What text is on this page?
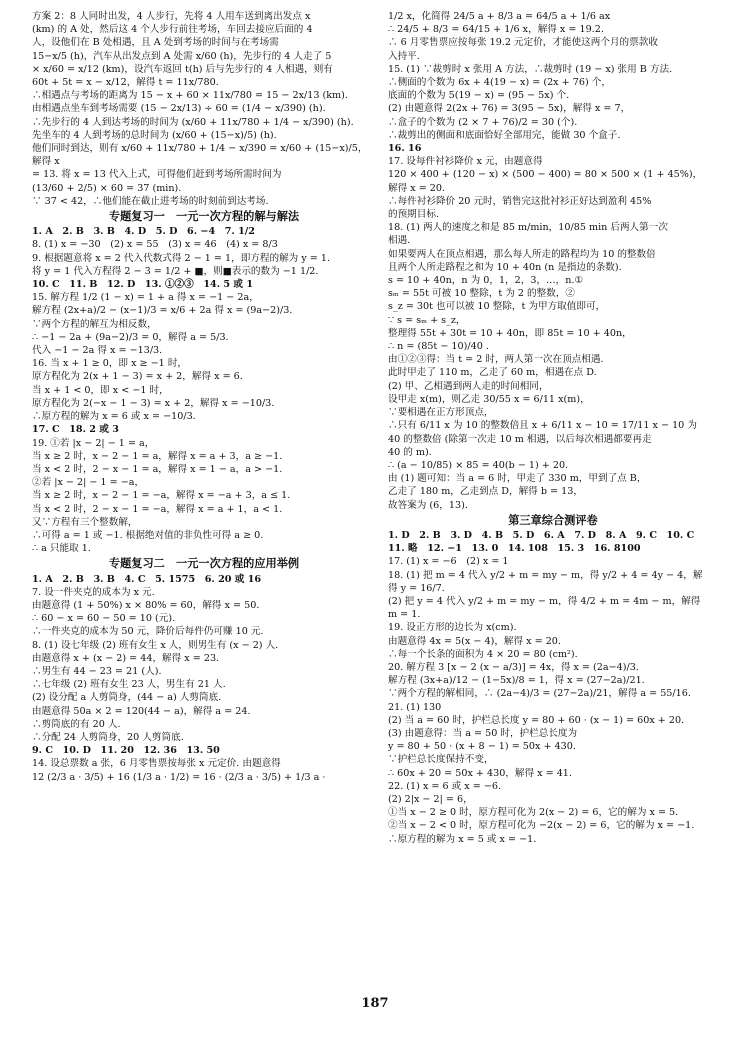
方案 2：8 人同时出发，4 人步行，先将 4 人用车送到离出发点 x

(km) 的 A 处，然后这 4 个人步行前往考场，车回去接应后面的 4

人，设他们在 B 处相遇，且 A 处到考场的时间与在考场需

15−x/5 (h)，汽车从出发点到 A 处需 x/60 (h)，先步行的 4 人走了 5

× x/60 = x/12 (km)，设汽车返回 t(h) 后与先步行的 4 人相遇，则有

60t + 5t = x − x/12，解得 t = 11x/780.

∴相遇点与考场的距离为 15 − x + 60 × 11x/780 = 15 − 2x/13 (km).

由相遇点坐车到考场需要 (15 − 2x/13) ÷ 60 = (1/4 − x/390) (h).

∴先步行的 4 人到达考场的时间为 (x/60 + 11x/780 + 1/4 − x/390) (h).

先坐车的 4 人到考场的总时间为 (x/60 + (15−x)/5) (h).

他们同时到达，则有 x/60 + 11x/780 + 1/4 − x/390 = x/60 + (15−x)/5，解得 x

= 13. 将 x = 13 代入上式，可得他们赶到考场所需时间为

(13/60 + 2/5) × 60 = 37 (min).

∵ 37 < 42，∴他们能在截止进考场的时刻前到达考场.

专题复习一　一元一次方程的解与解法

1. A　2. B　3. B　4. D　5. D　6. −4　7. 1/2

8. (1) x = −30　(2) x = 55　(3) x = 46　(4) x = 8/3

9. 根据题意将 x = 2 代入代数式得 2 − 1 = 1，即方程的解为 y = 1.

将 y = 1 代入方程得 2 − 3 = 1/2 + ■，则■表示的数为 −1 1/2.

10. C　11. B　12. D　13. ①②③　14. 5 或 1

15. 解方程 1/2 (1 − x) = 1 + a 得 x = −1 − 2a，

解方程 (2x+a)/2 − (x−1)/3 = x/6 + 2a 得 x = (9a−2)/3.

∵两个方程的解互为相反数，

∴ −1 − 2a + (9a−2)/3 = 0，解得 a = 5/3.

代入 −1 − 2a 得 x = −13/3.

16. 当 x + 1 ≥ 0，即 x ≥ −1 时，

原方程化为 2(x + 1 − 3) = x + 2，解得 x = 6.

当 x + 1 < 0，即 x < −1 时，

原方程化为 2(−x − 1 − 3) = x + 2，解得 x = −10/3.

∴原方程的解为 x = 6 或 x = −10/3.

17. C　18. 2 或 3

19. ①若 |x − 2| − 1 = a，

当 x ≥ 2 时，x − 2 − 1 = a，解得 x = a + 3，a ≥ −1.

当 x < 2 时，2 − x − 1 = a，解得 x = 1 − a，a > −1.

②若 |x − 2| − 1 = −a，

当 x ≥ 2 时，x − 2 − 1 = −a，解得 x = −a + 3，a ≤ 1.

当 x < 2 时，2 − x − 1 = −a，解得 x = a + 1，a < 1.

又∵方程有三个整数解，

∴可得 a = 1 或 −1. 根据绝对值的非负性可得 a ≥ 0.

∴ a 只能取 1.

专题复习二　一元一次方程的应用举例

1. A　2. B　3. B　4. C　5. 1575　6. 20 或 16

7. 设一件夹克的成本为 x 元.

由题意得 (1 + 50%) x × 80% = 60，解得 x = 50.

∴ 60 − x = 60 − 50 = 10 (元).

∴一件夹克的成本为 50 元，降价后每件仍可赚 10 元.

8. (1) 设七年级 (2) 班有女生 x 人，则男生有 (x − 2) 人.

由题意得 x + (x − 2) = 44，解得 x = 23.

∴男生有 44 − 23 = 21 (人).

∴七年级 (2) 班有女生 23 人，男生有 21 人.

(2) 设分配 a 人剪筒身，(44 − a) 人剪筒底.

由题意得 50a × 2 = 120(44 − a)，解得 a = 24.

∴剪筒底的有 20 人.

∴分配 24 人剪筒身，20 人剪筒底.

9. C　10. D　11. 20　12. 36　13. 50

14. 设总票数 a 张，6 月零售票按每张 x 元定价. 由题意得

12 (2/3 a · 3/5) + 16 (1/3 a · 1/2) = 16 · (2/3 a · 3/5) + 1/3 a ·

1/2 x，化简得 24/5 a + 8/3 a = 64/5 a + 1/6 ax

∴ 24/5 + 8/3 = 64/15 + 1/6 x，解得 x = 19.2.

∴ 6 月零售票应按每张 19.2 元定价，才能使这两个月的票款收

入持平.

15. (1) ∵裁剪时 x 张用 A 方法，∴裁剪时 (19 − x) 张用 B 方法.

∴侧面的个数为 6x + 4(19 − x) = (2x + 76) 个，

底面的个数为 5(19 − x) = (95 − 5x) 个.

(2) 由题意得 2(2x + 76) = 3(95 − 5x)，解得 x = 7，

∴盒子的个数为 (2 × 7 + 76)/2 = 30 (个).

∴裁剪出的侧面和底面恰好全部用完，能做 30 个盒子.

16. 16

17. 设每件衬衫降价 x 元，由题意得

120 × 400 + (120 − x) × (500 − 400) = 80 × 500 × (1 + 45%)，

解得 x = 20.

∴每件衬衫降价 20 元时，销售完这批衬衫正好达到盈利 45%

的预期目标.

18. (1) 两人的速度之和是 85 m/min，10/85 min 后两人第一次

相遇.

如果要两人在顶点相遇，那么每人所走的路程均为 10 的整数倍

且两个人所走路程之和为 10 + 40n (n 是指边的条数).

s = 10 + 40n，n 为 0，1，2，3，…，n.①

sₘ = 55t 可被 10 整除，t 为 2 的整数，②

s_z = 30t 也可以被 10 整除，t 为甲方取值即可，

∵ s = sₘ + s_z，

整理得 55t + 30t = 10 + 40n，即 85t = 10 + 40n，

∴ n = (85t − 10)/40 .

由①②③得：当 t = 2 时，两人第一次在顶点相遇.

此时甲走了 110 m，乙走了 60 m，相遇在点 D.

(2) 甲、乙相遇到两人走的时间相同，

设甲走 x(m)，则乙走 30/55 x = 6/11 x(m)，

∵要相遇在正方形顶点，

∴只有 6/11 x 为 10 的整数倍且 x + 6/11 x − 10 = 17/11 x − 10 为

40 的整数倍 (除第一次走 10 m 相遇，以后每次相遇都要再走

40 的 m).

∴ (a − 10/85) × 85 = 40(b − 1) + 20.

由 (1) 题可知：当 a = 6 时，甲走了 330 m，甲到了点 B，

乙走了 180 m，乙走到点 D，解得 b = 13，

故答案为 (6，13).

第三章综合测评卷

1. D　2. B　3. D　4. B　5. D　6. A　7. D　8. A　9. C　10. C

11. 略　12. −1　13. 0　14. 108　15. 3　16. 8100

17. (1) x = −6　(2) x = 1

18. (1) 把 m = 4 代入 y/2 + m = my − m，得 y/2 + 4 = 4y − 4，解

得 y = 16/7.

(2) 把 y = 4 代入 y/2 + m = my − m，得 4/2 + m = 4m − m，解得

m = 1.

19. 设正方形的边长为 x(cm).

由题意得 4x = 5(x − 4)，解得 x = 20.

∴每一个长条的面积为 4 × 20 = 80 (cm²).

20. 解方程 3 [x − 2 (x − a/3)] = 4x，得 x = (2a−4)/3.

解方程 (3x+a)/12 − (1−5x)/8 = 1，得 x = (27−2a)/21.

∵两个方程的解相同，∴ (2a−4)/3 = (27−2a)/21，解得 a = 55/16.

21. (1) 130

(2) 当 a = 60 时，护栏总长度 y = 80 + 60 · (x − 1) = 60x + 20.

(3) 由题意得：当 a = 50 时，护栏总长度为

y = 80 + 50 · (x + 8 − 1) = 50x + 430.

∵护栏总长度保持不变，

∴ 60x + 20 = 50x + 430，解得 x = 41.

22. (1) x = 6 或 x = −6.

(2) 2|x − 2| = 6，

①当 x − 2 ≥ 0 时，原方程可化为 2(x − 2) = 6，它的解为 x = 5.

②当 x − 2 < 0 时，原方程可化为 −2(x − 2) = 6，它的解为 x = −1.

∴原方程的解为 x = 5 或 x = −1.

187
